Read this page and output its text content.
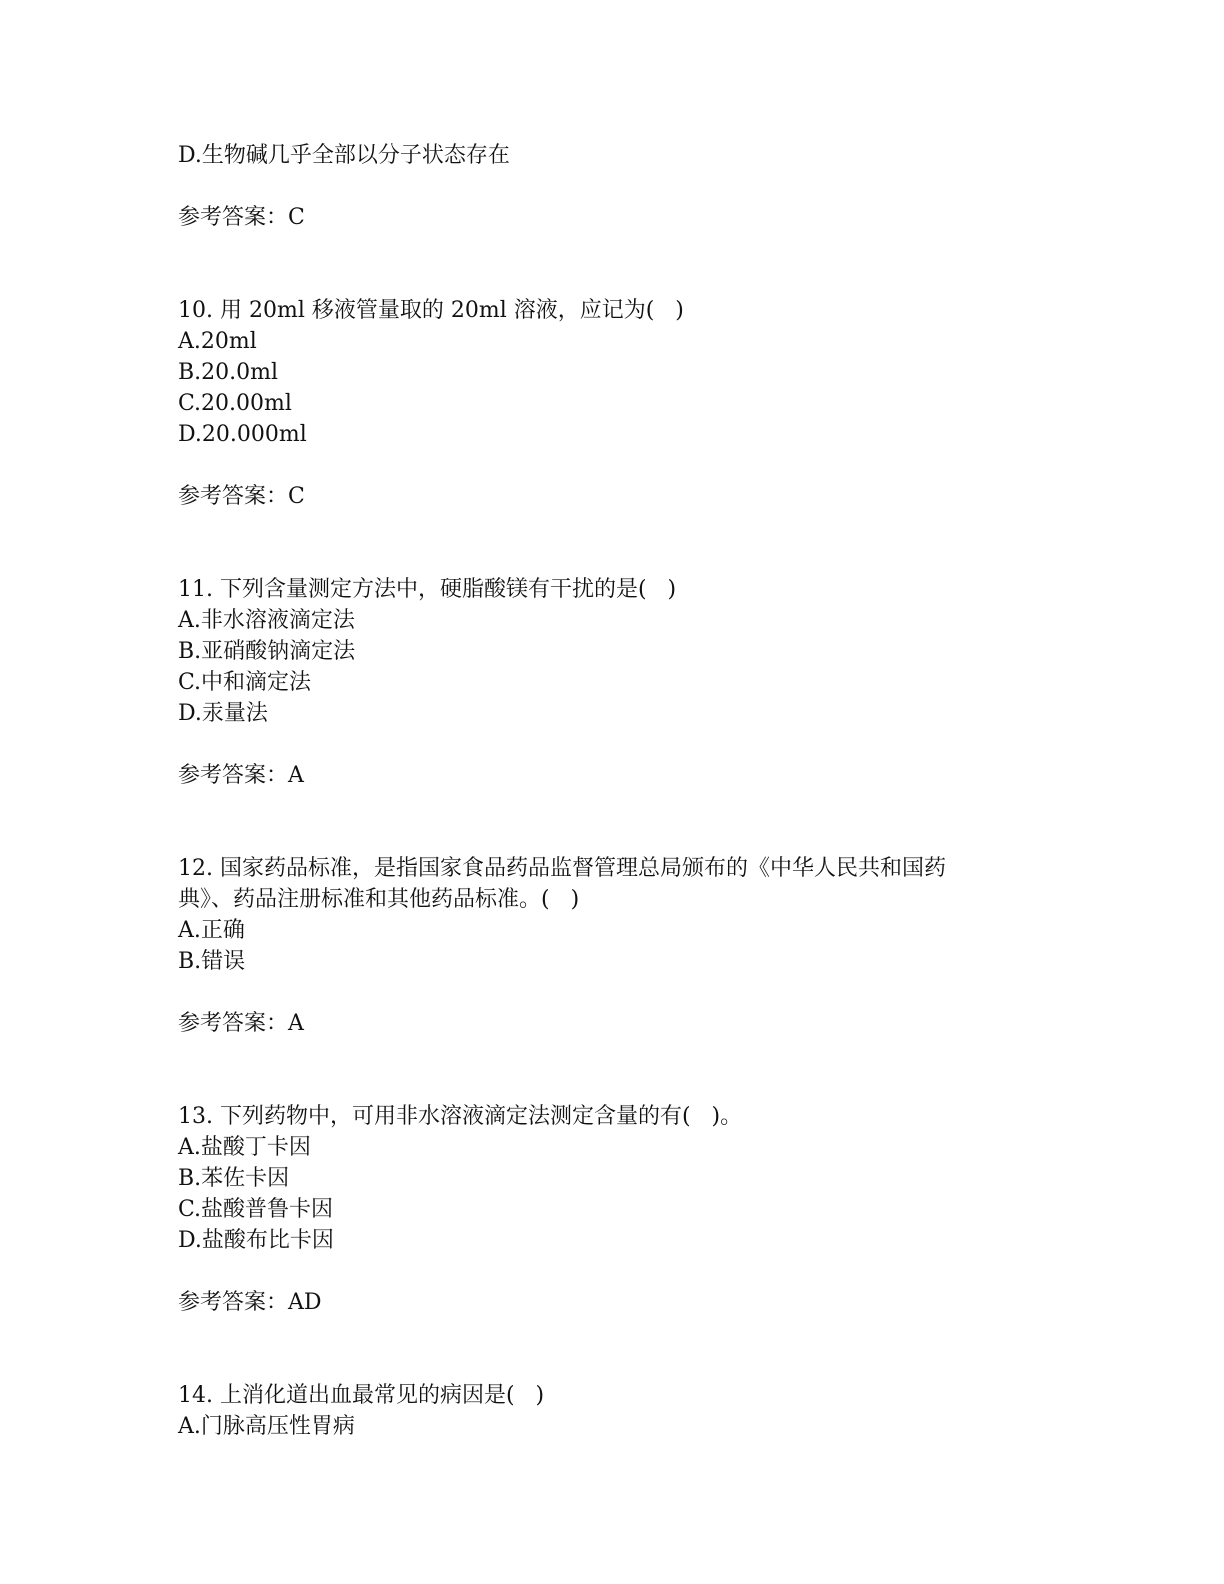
D.生物碱几乎全部以分子状态存在

参考答案：C

10. 用 20ml 移液管量取的 20ml 溶液，应记为(   )

A.20ml

B.20.0ml

C.20.00ml

D.20.000ml

参考答案：C

11. 下列含量测定方法中，硬脂酸镁有干扰的是(   )

A.非水溶液滴定法

B.亚硝酸钠滴定法

C.中和滴定法

D.汞量法

参考答案：A

12. 国家药品标准，是指国家食品药品监督管理总局颁布的《中华人民共和国药

典》、药品注册标准和其他药品标准。(   )

A.正确

B.错误

参考答案：A

13. 下列药物中，可用非水溶液滴定法测定含量的有(   )。

A.盐酸丁卡因

B.苯佐卡因

C.盐酸普鲁卡因

D.盐酸布比卡因

参考答案：AD

14. 上消化道出血最常见的病因是(   )

A.门脉高压性胃病
